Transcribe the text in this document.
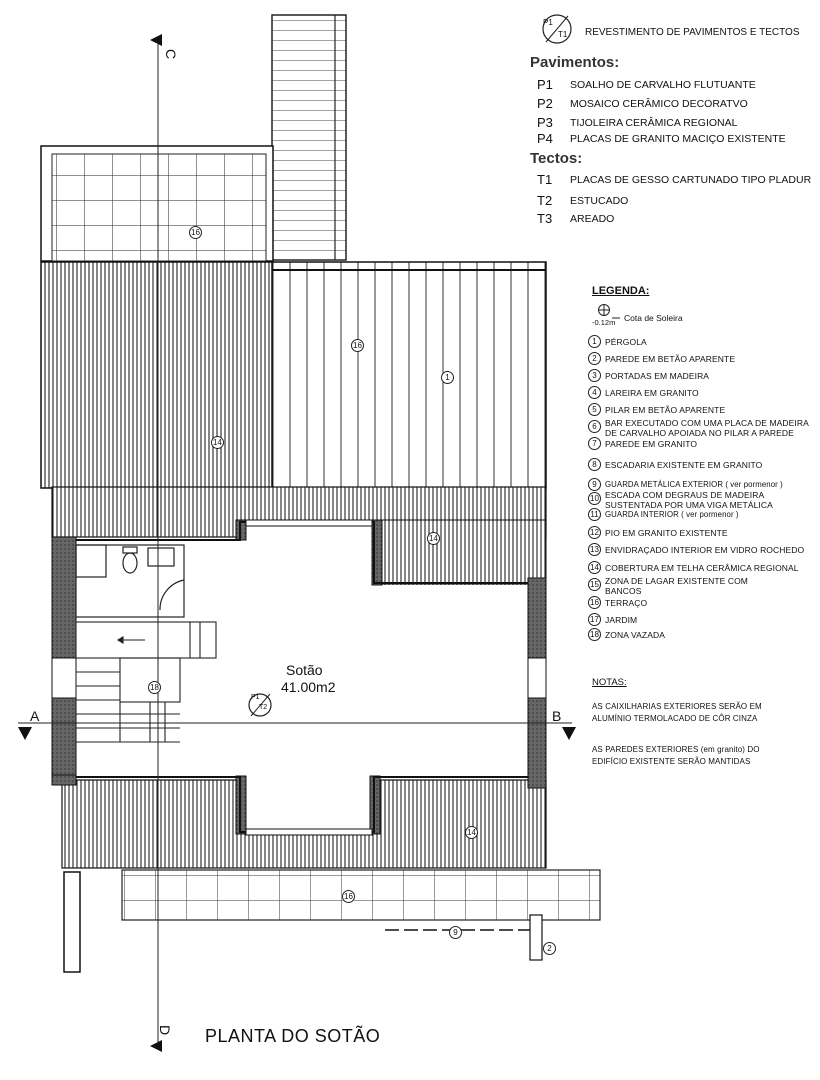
P1
T1 REVESTIMENTO DE PAVIMENTOS E TECTOS
Pavimentos:
P1 SOALHO DE CARVALHO FLUTUANTE
P2 MOSAICO CERÂMICO DECORATVO
P3 TIJOLEIRA CERÂMICA REGIONAL
P4 PLACAS DE GRANITO MACIÇO EXISTENTE
Tectos:
T1 PLACAS DE GESSO CARTUNADO TIPO PLADUR
T2 ESTUCADO
T3 AREADO
LEGENDA:
-0.12m Cota de Soleira
1 PÉRGOLA
2 PAREDE EM BETÃO APARENTE
3 PORTADAS EM MADEIRA
4 LAREIRA EM GRANITO
5 PILAR EM BETÃO APARENTE
6 BAR EXECUTADO COM UMA PLACA DE MADEIRA
DE CARVALHO APOIADA NO PILAR A PAREDE
7 PAREDE EM GRANITO
8 ESCADARIA EXISTENTE EM GRANITO
9	GUARDA METÁLICA EXTERIOR ( ver pormenor )
10 ESCADA COM DEGRAUS DE MADEIRA
SUSTENTADA POR UMA VIGA METÁLICA
11 GUARDA INTERIOR ( ver pormenor )
12 PIO EM GRANITO EXISTENTE
13 ENVIDRAÇADO INTERIOR EM VIDRO ROCHEDO
14 COBERTURA EM TELHA CERÂMICA REGIONAL
15 ZONA DE LAGAR EXISTENTE COM
BANCOS
16 TERRAÇO
17 JARDIM
18 ZONA VAZADA
NOTAS:
AS CAIXILHARIAS EXTERIORES SERÃO EM
ALUMÍNIO TERMOLACADO DE CÔR CINZA
AS PAREDES EXTERIORES (em granito) DO
EDIFÍCIO EXISTENTE SERÃO MANTIDAS
C
D
A	B
Sotão
41.00m2
P1
T2
16
14
16
1
14
18
14
16
9
2
PLANTA DO SOTÃO
